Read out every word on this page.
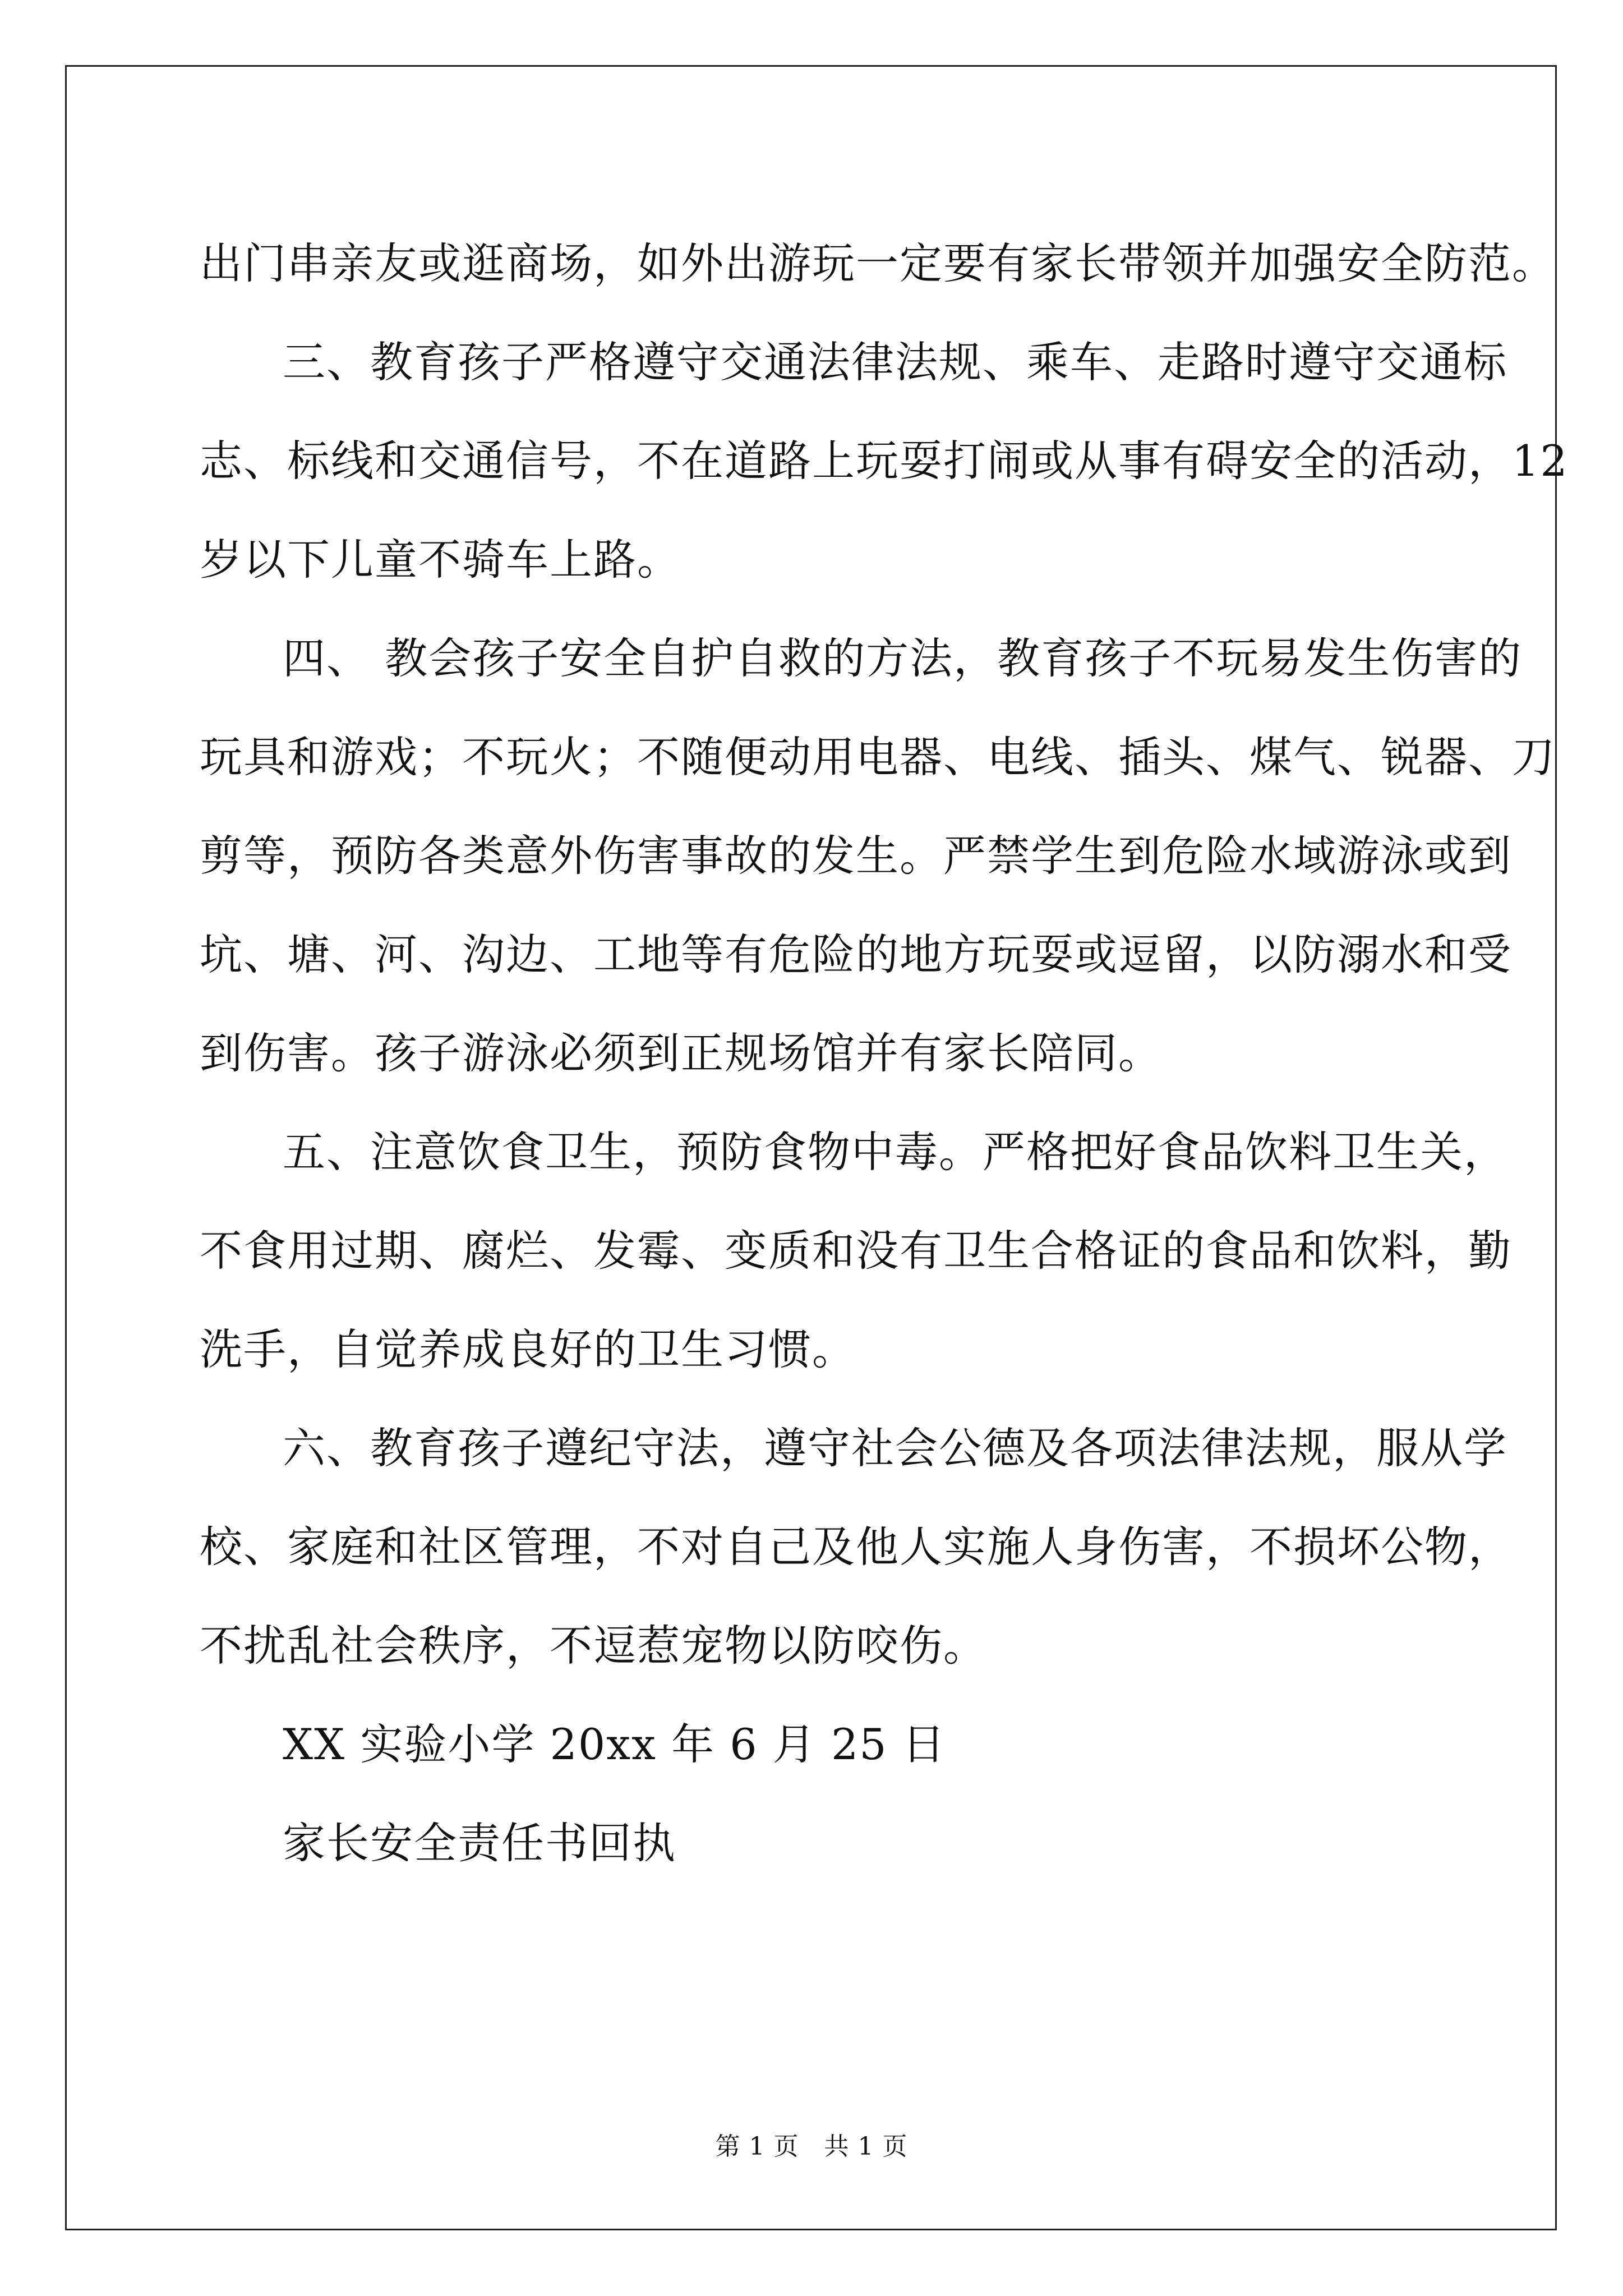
出门串亲友或逛商场，如外出游玩一定要有家长带领并加强安全防范。
三、教育孩子严格遵守交通法律法规、乘车、走路时遵守交通标
志、标线和交通信号，不在道路上玩耍打闹或从事有碍安全的活动，12
岁以下儿童不骑车上路。
四、 教会孩子安全自护自救的方法，教育孩子不玩易发生伤害的
玩具和游戏；不玩火；不随便动用电器、电线、插头、煤气、锐器、刀
剪等，预防各类意外伤害事故的发生。严禁学生到危险水域游泳或到
坑、塘、河、沟边、工地等有危险的地方玩耍或逗留，以防溺水和受
到伤害。孩子游泳必须到正规场馆并有家长陪同。
五、注意饮食卫生，预防食物中毒。严格把好食品饮料卫生关，
不食用过期、腐烂、发霉、变质和没有卫生合格证的食品和饮料，勤
洗手，自觉养成良好的卫生习惯。
六、教育孩子遵纪守法，遵守社会公德及各项法律法规，服从学
校、家庭和社区管理，不对自己及他人实施人身伤害，不损坏公物，
不扰乱社会秩序，不逗惹宠物以防咬伤。
XX 实验小学 20xx 年 6 月 25 日
家长安全责任书回执
第 1 页　共 1 页
